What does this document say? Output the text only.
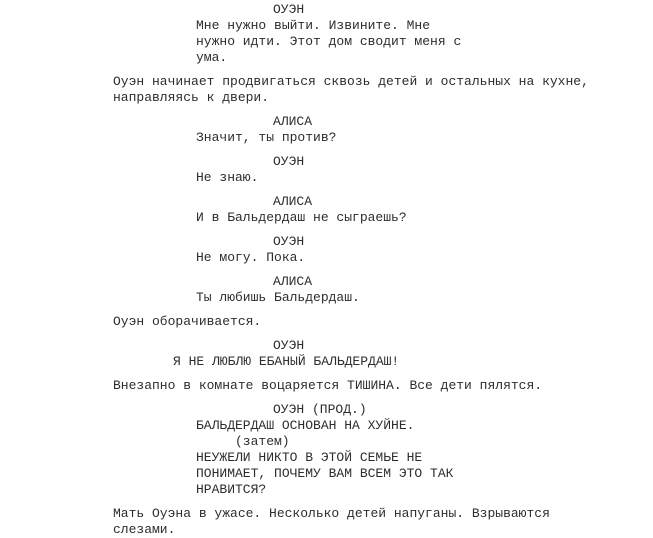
ОУЭН
Мне нужно выйти. Извините. Мне
нужно идти. Этот дом сводит меня с
ума.
Оуэн начинает продвигаться сквозь детей и остальных на кухне,
направляясь к двери.
АЛИСА
Значит, ты против?
ОУЭН
Не знаю.
АЛИСА
И в Бальдердаш не сыграешь?
ОУЭН
Не могу. Пока.
АЛИСА
Ты любишь Бальдердаш.
Оуэн оборачивается.
ОУЭН
Я НЕ ЛЮБЛЮ ЕБАНЫЙ БАЛЬДЕРДАШ!
Внезапно в комнате воцаряется ТИШИНА. Все дети пялятся.
ОУЭН (ПРОД.)
БАЛЬДЕРДАШ ОСНОВАН НА ХУЙНЕ.
(затем)
НЕУЖЕЛИ НИКТО В ЭТОЙ СЕМЬЕ НЕ
ПОНИМАЕТ, ПОЧЕМУ ВАМ ВСЕМ ЭТО ТАК
НРАВИТСЯ?
Мать Оуэна в ужасе. Несколько детей напуганы. Взрываются
слезами.
